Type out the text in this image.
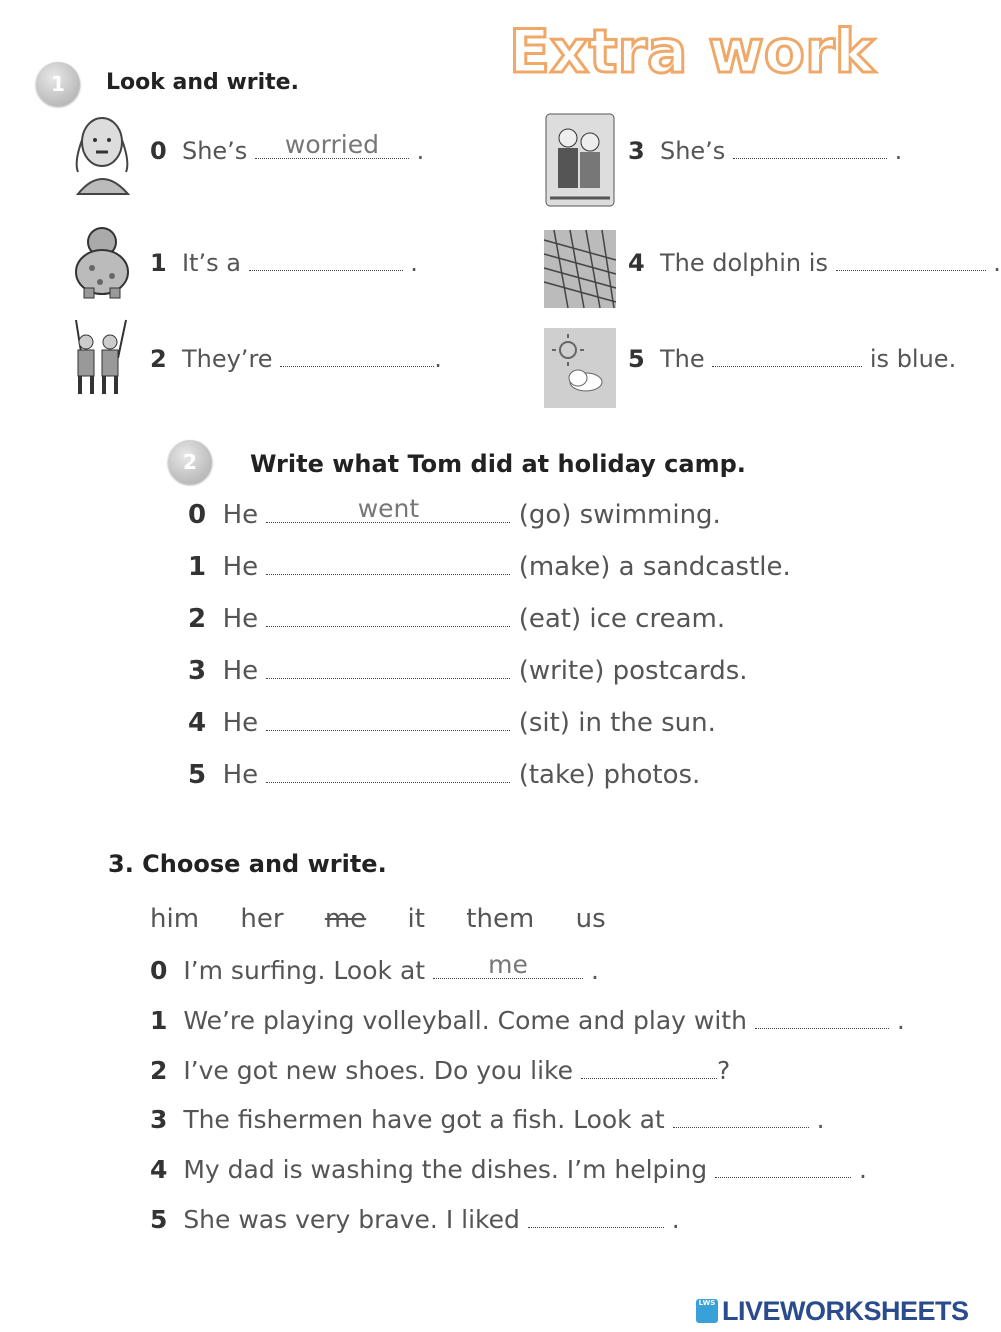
Extra work
1	Look and write.
0 She’s worried .
1 It’s a	.
2 They’re	.
3 She’s	.
4 The dolphin is	.
5 The	is blue.
2	Write what Tom did at holiday camp.
0 He	went	(go) swimming.
1 He	(make) a sandcastle.
2 He	(eat) ice cream.
3 He	(write) postcards.
4 He	(sit) in the sun.
5 He	(take) photos.
3. Choose and write.
him her me it them us
0 I’m surfing. Look at	me	.
1 We’re playing volleyball. Come and play with	.
2 I’ve got new shoes. Do you like	?
3 The fishermen have got a fish. Look at	.
4 My dad is washing the dishes. I’m helping	.
5 She was very brave. I liked	.
LWS LIVEWORKSHEETS
